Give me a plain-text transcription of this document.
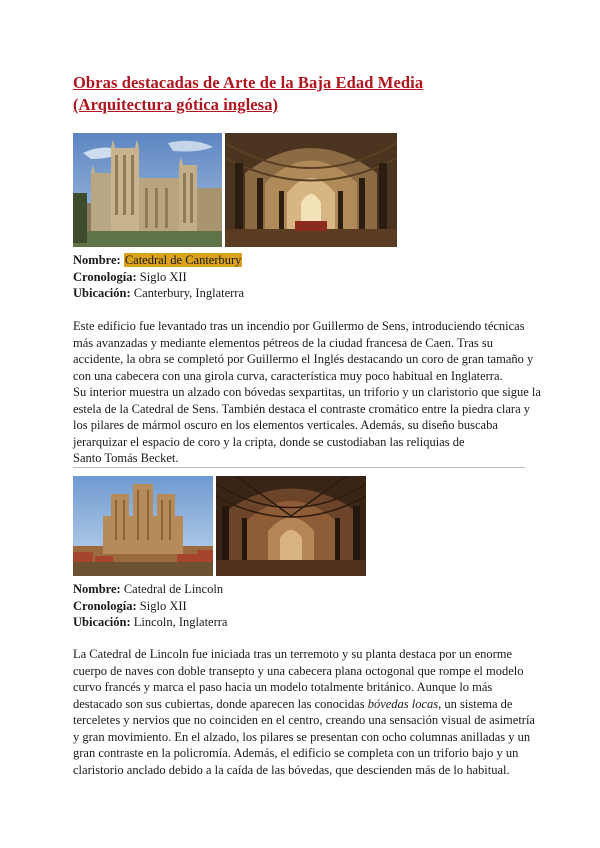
Obras destacadas de Arte de la Baja Edad Media
(Arquitectura gótica inglesa)
Nombre: Catedral de Canterbury
Cronología: Siglo XII
Ubicación: Canterbury, Inglaterra
Este edificio fue levantado tras un incendio por Guillermo de Sens, introduciendo técnicas
más avanzadas y mediante elementos pétreos de la ciudad francesa de Caen. Tras su
accidente, la obra se completó por Guillermo el Inglés destacando un coro de gran tamaño y
con una cabecera con una girola curva, característica muy poco habitual en Inglaterra.
Su interior muestra un alzado con bóvedas sexpartitas, un triforio y un claristorio que sigue la
estela de la Catedral de Sens. También destaca el contraste cromático entre la piedra clara y
los pilares de mármol oscuro en los elementos verticales. Además, su diseño buscaba
jerarquizar el espacio de coro y la cripta, donde se custodiaban las reliquias de
Santo Tomás Becket.
Nombre: Catedral de Lincoln
Cronología: Siglo XII
Ubicación: Lincoln, Inglaterra
La Catedral de Lincoln fue iniciada tras un terremoto y su planta destaca por un enorme
cuerpo de naves con doble transepto y una cabecera plana octogonal que rompe el modelo
curvo francés y marca el paso hacia un modelo totalmente británico. Aunque lo más
destacado son sus cubiertas, donde aparecen las conocidas bóvedas locas, un sistema de
terceletes y nervios que no coinciden en el centro, creando una sensación visual de asimetría
y gran movimiento. En el alzado, los pilares se presentan con ocho columnas anilladas y un
gran contraste en la policromía. Además, el edificio se completa con un triforio bajo y un
claristorio anclado debido a la caída de las bóvedas, que descienden más de lo habitual.
